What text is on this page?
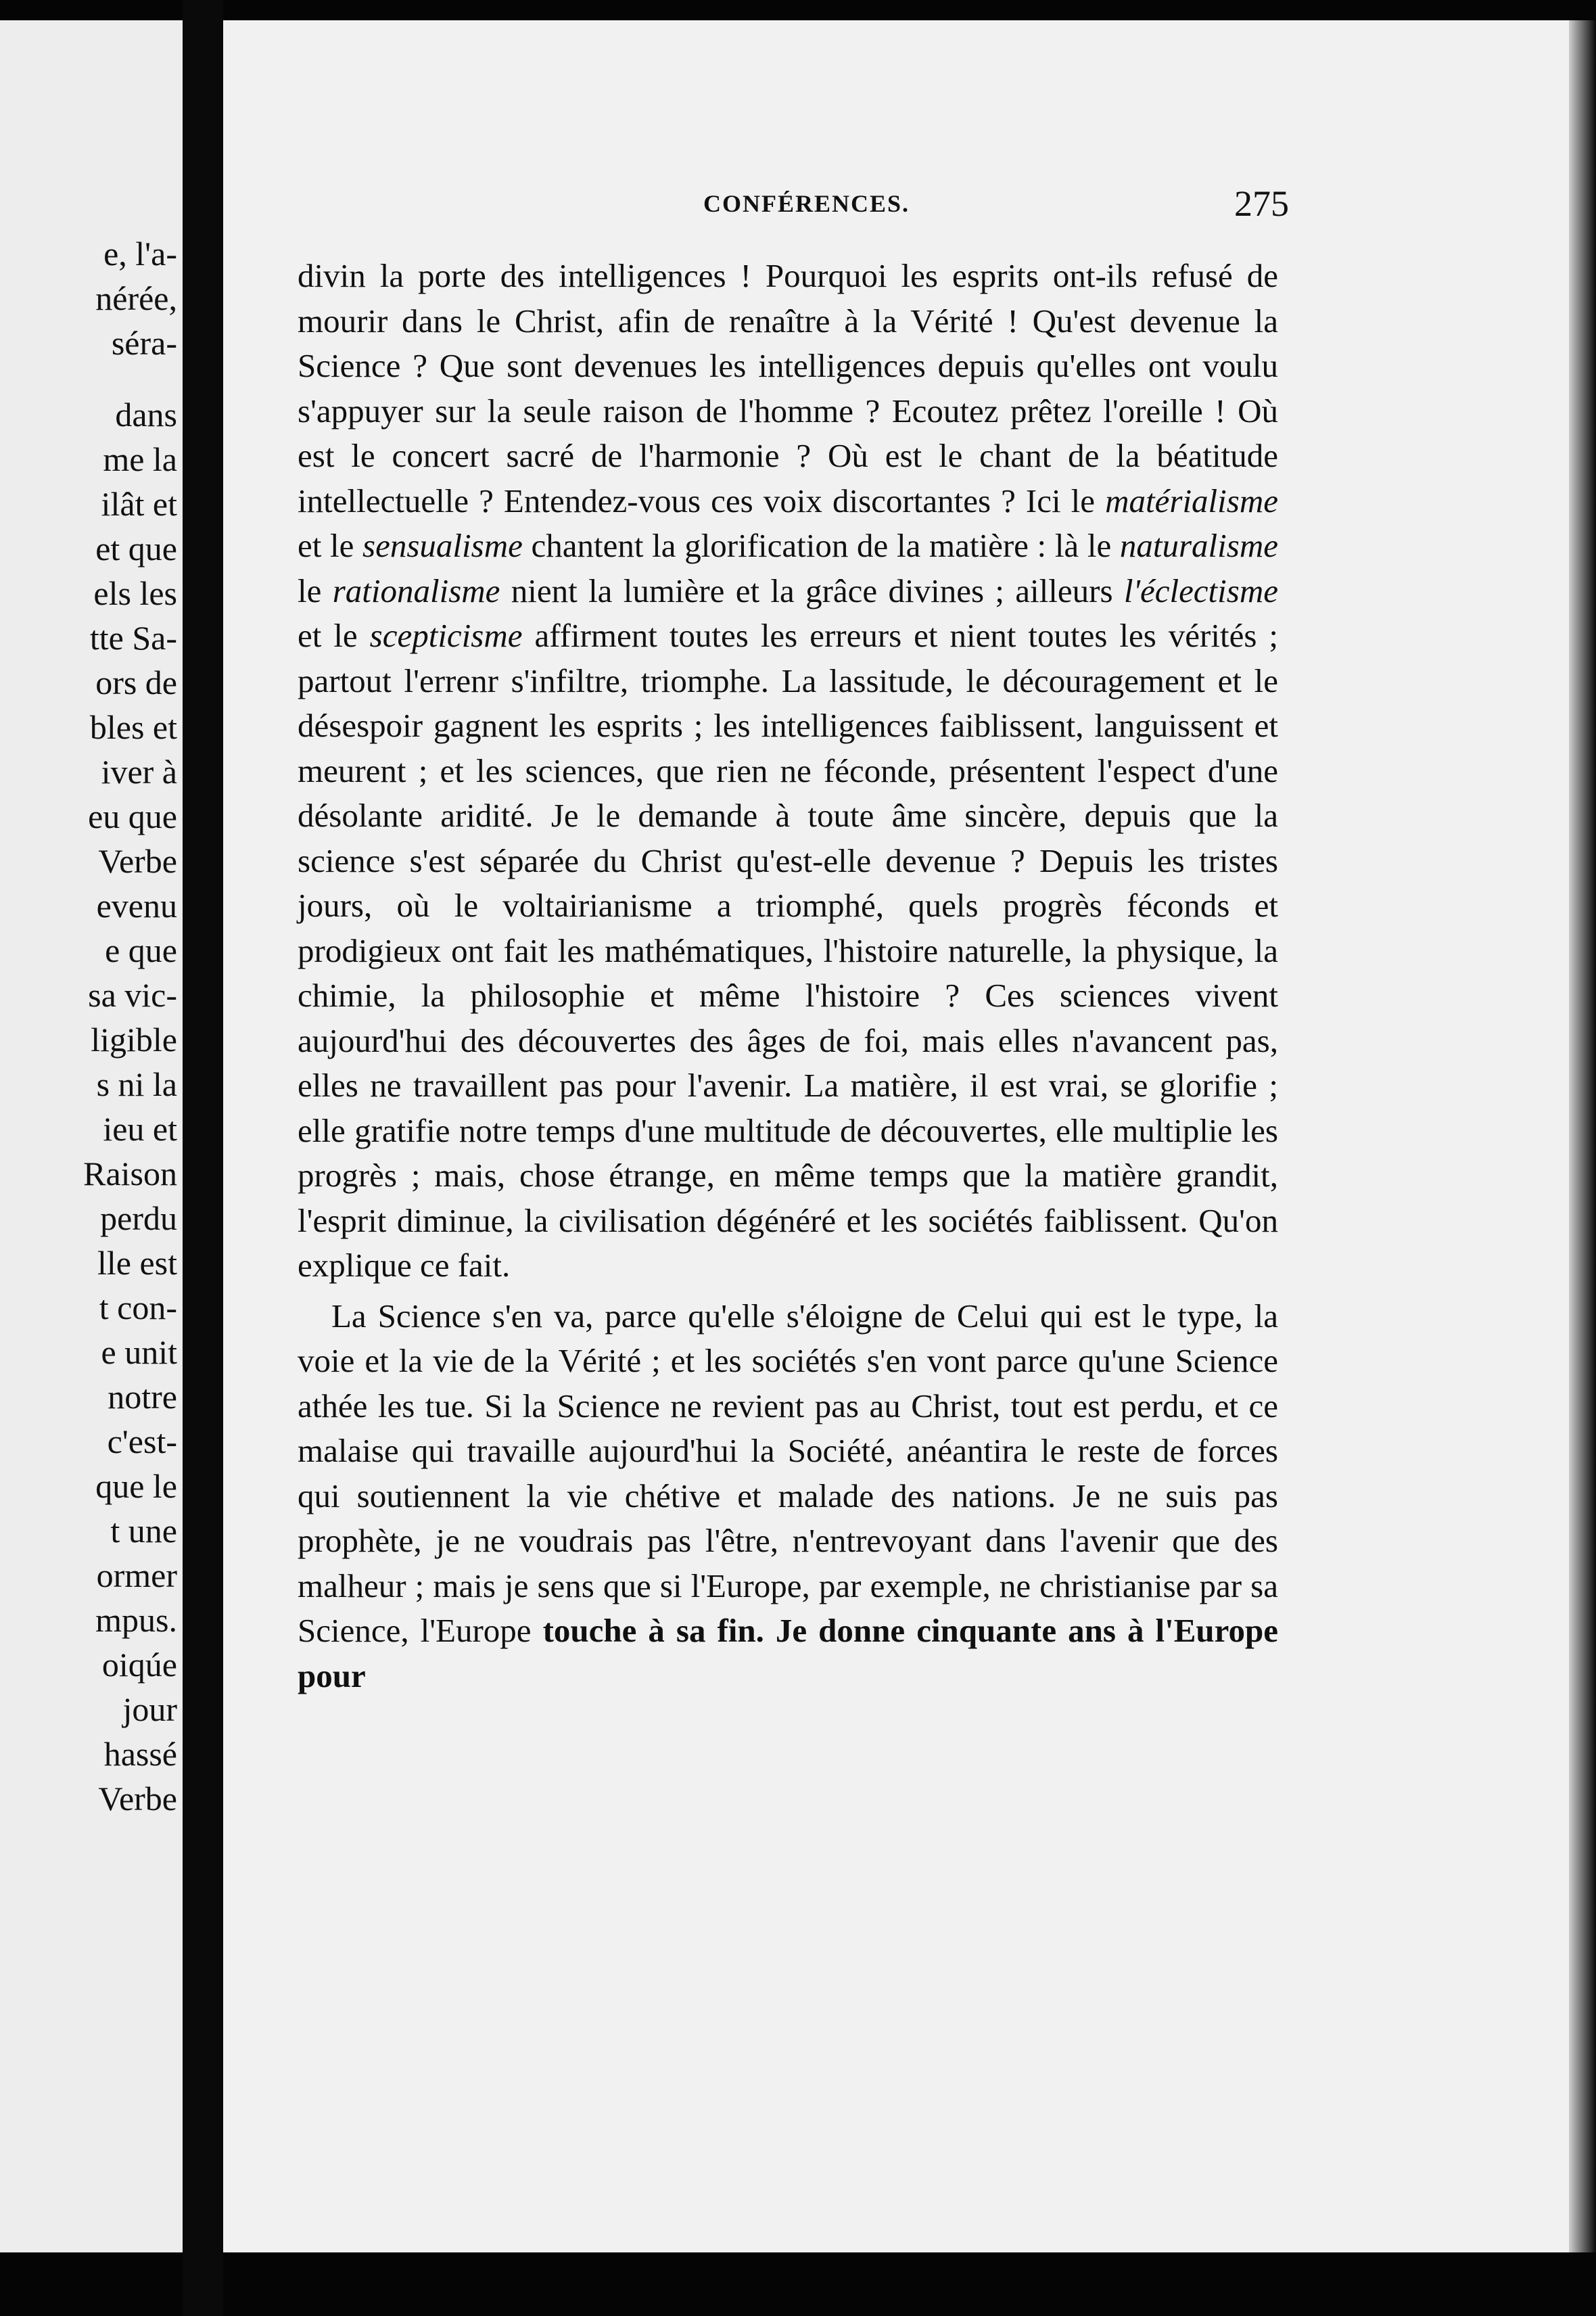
e, l'a-
nérée,
séra-
dans
me la
ilât et
et que
els les
tte Sa-
ors de
bles et
iver à
eu que
Verbe
evenu
e que
sa vic-
ligible
s ni la
ieu et
Raison
perdu
lle est
t con-
e unit
notre
c'est-
que le
t une
ormer
mpus.
oiqúe
jour
hassé
Verbe
CONFÉRENCES.	275

divin la porte des intelligences ! Pourquoi les esprits ont-ils refusé de mourir dans le Christ, afin de renaître à la Vérité ! Qu'est devenue la Science ? Que sont devenues les intelligences depuis qu'elles ont voulu s'appuyer sur la seule raison de l'homme ? Ecoutez prêtez l'oreille ! Où est le concert sacré de l'harmonie ? Où est le chant de la béatitude intellectuelle ? Entendez-vous ces voix discortantes ? Ici le matérialisme et le sensualisme chantent la glorification de la matière : là le naturalisme le rationalisme nient la lumière et la grâce divines ; ailleurs l'éclectisme et le scepticisme affirment toutes les erreurs et nient toutes les vérités ; partout l'errenr s'infiltre, triomphe. La lassitude, le découragement et le désespoir gagnent les esprits ; les intelligences faiblissent, languissent et meurent ; et les sciences, que rien ne féconde, présentent l'espect d'une désolante aridité. Je le demande à toute âme sincère, depuis que la science s'est séparée du Christ qu'est-elle devenue ? Depuis les tristes jours, où le voltairianisme a triomphé, quels progrès féconds et prodigieux ont fait les mathématiques, l'histoire naturelle, la physique, la chimie, la philosophie et même l'histoire ? Ces sciences vivent aujourd'hui des découvertes des âges de foi, mais elles n'avancent pas, elles ne travaillent pas pour l'avenir. La matière, il est vrai, se glorifie ; elle gratifie notre temps d'une multitude de découvertes, elle multiplie les progrès ; mais, chose étrange, en même temps que la matière grandit, l'esprit diminue, la civilisation dégénéré et les sociétés faiblissent. Qu'on explique ce fait.

La Science s'en va, parce qu'elle s'éloigne de Celui qui est le type, la voie et la vie de la Vérité ; et les sociétés s'en vont parce qu'une Science athée les tue. Si la Science ne revient pas au Christ, tout est perdu, et ce malaise qui travaille aujourd'hui la Société, anéantira le reste de forces qui soutiennent la vie chétive et malade des nations. Je ne suis pas prophète, je ne voudrais pas l'être, n'entrevoyant dans l'avenir que des malheur ; mais je sens que si l'Europe, par exemple, ne christianise par sa Science, l'Europe touche à sa fin. Je donne cinquante ans à l'Europe pour
